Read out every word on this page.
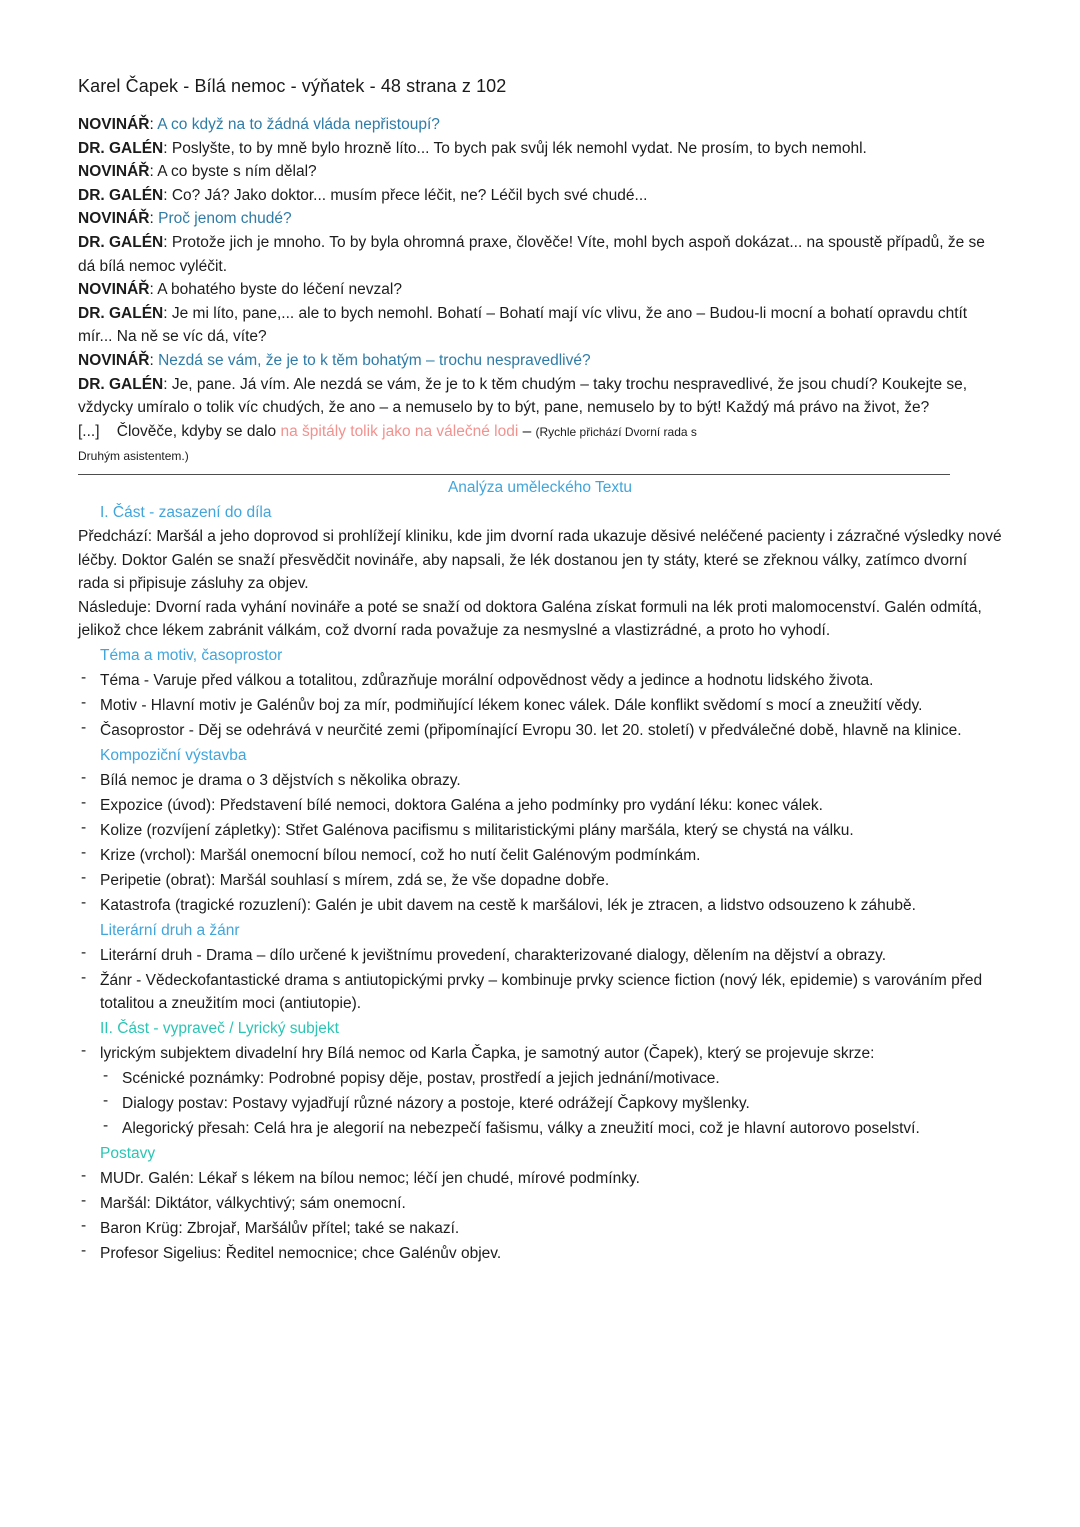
Karel Čapek - Bílá nemoc - výňatek - 48 strana z 102

NOVINÁŘ: A co když na to žádná vláda nepřistoupí?

DR. GALÉN: Poslyšte, to by mně bylo hrozně líto... To bych pak svůj lék nemohl vydat. Ne prosím, to bych nemohl.

NOVINÁŘ: A co byste s ním dělal?

DR. GALÉN: Co? Já? Jako doktor... musím přece léčit, ne? Léčil bych své chudé...

NOVINÁŘ: Proč jenom chudé?

DR. GALÉN: Protože jich je mnoho. To by byla ohromná praxe, člověče! Víte, mohl bych aspoň dokázat... na spoustě případů, že se dá bílá nemoc vyléčit.

NOVINÁŘ: A bohatého byste do léčení nevzal?

DR. GALÉN: Je mi líto, pane,... ale to bych nemohl. Bohatí – Bohatí mají víc vlivu, že ano – Budou-li mocní a bohatí opravdu chtít mír... Na ně se víc dá, víte?

NOVINÁŘ: Nezdá se vám, že je to k těm bohatým – trochu nespravedlivé?

DR. GALÉN: Je, pane. Já vím. Ale nezdá se vám, že je to k těm chudým – taky trochu nespravedlivé, že jsou chudí? Koukejte se, vždycky umíralo o tolik víc chudých, že ano – a nemuselo by to být, pane, nemuselo by to být! Každý má právo na život, že?

[...]    Člověče, kdyby se dalo na špitály tolik jako na válečné lodi – (Rychle přichází Dvorní rada s

Druhým asistentem.)

Analýza uměleckého Textu
I. Část - zasazení do díla

Předchází: Maršál a jeho doprovod si prohlížejí kliniku, kde jim dvorní rada ukazuje děsivé neléčené pacienty i zázračné výsledky nové léčby. Doktor Galén se snaží přesvědčit novináře, aby napsali, že lék dostanou jen ty státy, které se zřeknou války, zatímco dvorní rada si připisuje zásluhy za objev.

Následuje: Dvorní rada vyhání novináře a poté se snaží od doktora Galéna získat formuli na lék proti malomocenství. Galén odmítá, jelikož chce lékem zabránit válkám, což dvorní rada považuje za nesmyslné a vlastizrádné, a proto ho vyhodí.

Téma a motiv, časoprostor
- Téma - Varuje před válkou a totalitou, zdůrazňuje morální odpovědnost vědy a jedince a hodnotu lidského života.
- Motiv - Hlavní motiv je Galénův boj za mír, podmiňující lékem konec válek. Dále konflikt svědomí s mocí a zneužití vědy.
- Časoprostor - Děj se odehrává v neurčité zemi (připomínající Evropu 30. let 20. století) v předválečné době, hlavně na klinice.
Kompoziční výstavba
- Bílá nemoc je drama o 3 dějstvích s několika obrazy.
- Expozice (úvod): Představení bílé nemoci, doktora Galéna a jeho podmínky pro vydání léku: konec válek.
- Kolize (rozvíjení zápletky): Střet Galénova pacifismu s militaristickými plány maršála, který se chystá na válku.
- Krize (vrchol): Maršál onemocní bílou nemocí, což ho nutí čelit Galénovým podmínkám.
- Peripetie (obrat): Maršál souhlasí s mírem, zdá se, že vše dopadne dobře.
- Katastrofa (tragické rozuzlení): Galén je ubit davem na cestě k maršálovi, lék je ztracen, a lidstvo odsouzeno k záhubě.
Literární druh a žánr
- Literární druh - Drama – dílo určené k jevištnímu provedení, charakterizované dialogy, dělením na dějství a obrazy.
- Žánr - Vědeckofantastické drama s antiutopickými prvky – kombinuje prvky science fiction (nový lék, epidemie) s varováním před totalitou a zneužitím moci (antiutopie).
II. Část - vypraveč / Lyrický subjekt
- lyrickým subjektem divadelní hry Bílá nemoc od Karla Čapka, je samotný autor (Čapek), který se projevuje skrze:
- Scénické poznámky: Podrobné popisy děje, postav, prostředí a jejich jednání/motivace.
- Dialogy postav: Postavy vyjadřují různé názory a postoje, které odrážejí Čapkovy myšlenky.
- Alegorický přesah: Celá hra je alegorií na nebezpečí fašismu, války a zneužití moci, což je hlavní autorovo poselství.
Postavy
- MUDr. Galén: Lékař s lékem na bílou nemoc; léčí jen chudé, mírové podmínky.
- Maršál: Diktátor, válkychtivý; sám onemocní.
- Baron Krüg: Zbrojař, Maršálův přítel; také se nakazí.
- Profesor Sigelius: Ředitel nemocnice; chce Galénův objev.
